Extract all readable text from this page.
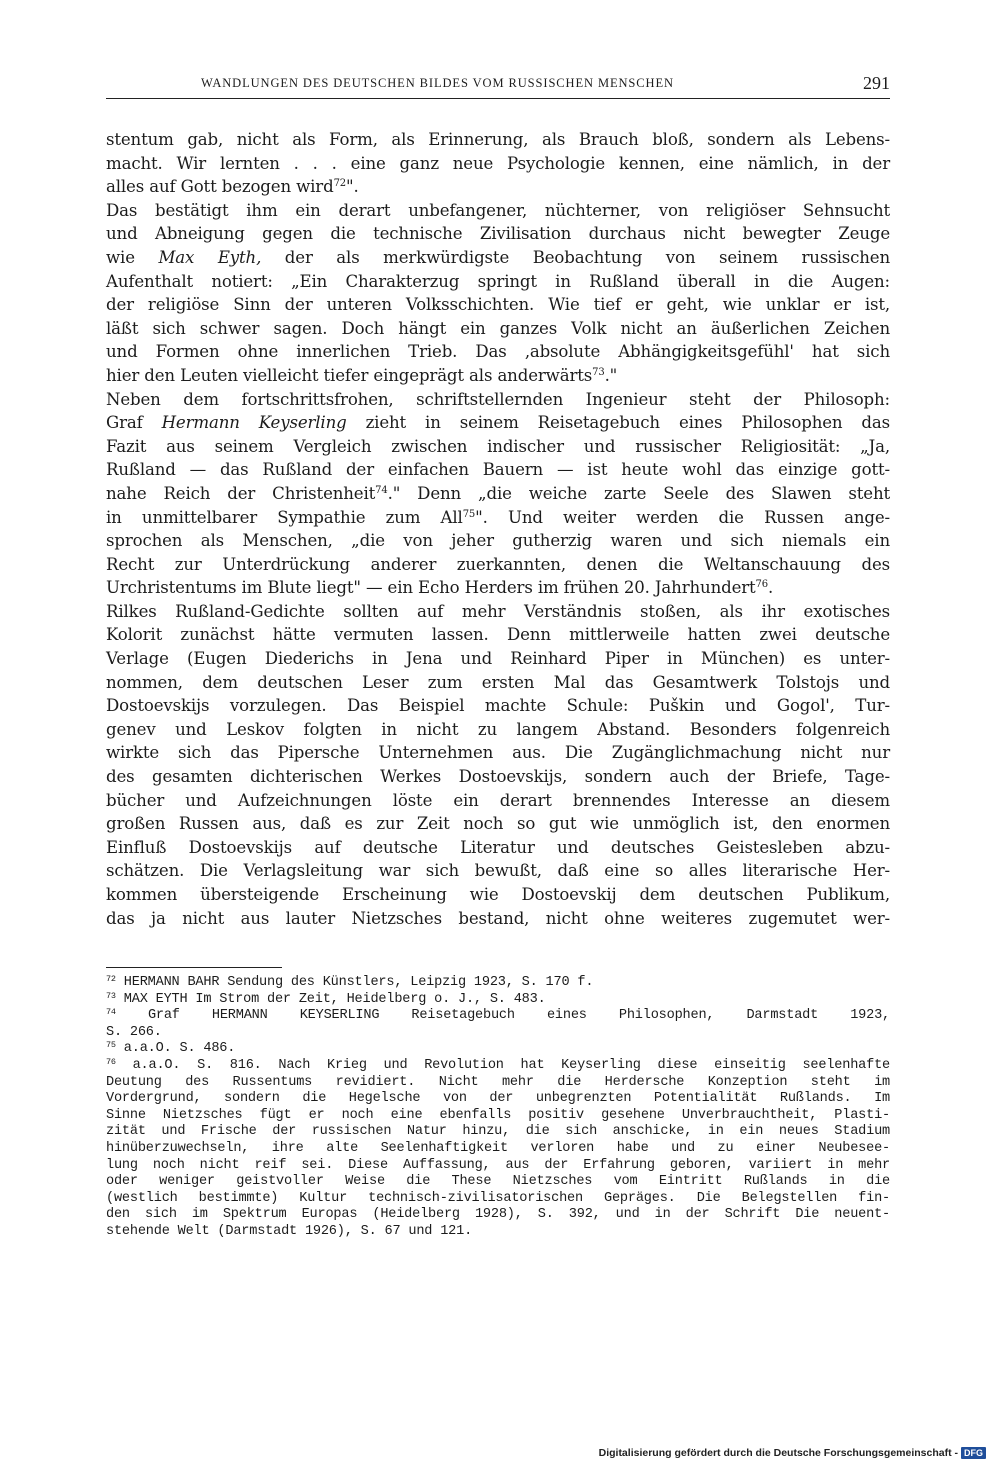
WANDLUNGEN DES DEUTSCHEN BILDES VOM RUSSISCHEN MENSCHEN	291
stentum gab, nicht als Form, als Erinnerung, als Brauch bloß, sondern als Lebens-
macht. Wir lernten . . . eine ganz neue Psychologie kennen, eine nämlich, in der
alles auf Gott bezogen wird$^{72}$".
Das bestätigt ihm ein derart unbefangener, nüchterner, von religiöser Sehnsucht
und Abneigung gegen die technische Zivilisation durchaus nicht bewegter Zeuge
wie Max Eyth, der als merkwürdigste Beobachtung von seinem russischen
Aufenthalt notiert: „Ein Charakterzug springt in Rußland überall in die Augen:
der religiöse Sinn der unteren Volksschichten. Wie tief er geht, wie unklar er ist,
läßt sich schwer sagen. Doch hängt ein ganzes Volk nicht an äußerlichen Zeichen
und Formen ohne innerlichen Trieb. Das ‚absolute Abhängigkeitsgefühl' hat sich
hier den Leuten vielleicht tiefer eingeprägt als anderwärts$^{73}$."
Neben dem fortschrittsfrohen, schriftstellernden Ingenieur steht der Philosoph:
Graf Hermann Keyserling zieht in seinem Reisetagebuch eines Philosophen das
Fazit aus seinem Vergleich zwischen indischer und russischer Religiosität: „Ja,
Rußland — das Rußland der einfachen Bauern — ist heute wohl das einzige gott-
nahe Reich der Christenheit$^{74}$." Denn „die weiche zarte Seele des Slawen steht
in unmittelbarer Sympathie zum All$^{75}$". Und weiter werden die Russen ange-
sprochen als Menschen, „die von jeher gutherzig waren und sich niemals ein
Recht zur Unterdrückung anderer zuerkannten, denen die Weltanschauung des
Urchristentums im Blute liegt" — ein Echo Herders im frühen 20. Jahrhundert$^{76}$.
Rilkes Rußland-Gedichte sollten auf mehr Verständnis stoßen, als ihr exotisches
Kolorit zunächst hätte vermuten lassen. Denn mittlerweile hatten zwei deutsche
Verlage (Eugen Diederichs in Jena und Reinhard Piper in München) es unter-
nommen, dem deutschen Leser zum ersten Mal das Gesamtwerk Tolstojs und
Dostoevskijs vorzulegen. Das Beispiel machte Schule: Puškin und Gogol', Tur-
genev und Leskov folgten in nicht zu langem Abstand. Besonders folgenreich
wirkte sich das Pipersche Unternehmen aus. Die Zugänglichmachung nicht nur
des gesamten dichterischen Werkes Dostoevskijs, sondern auch der Briefe, Tage-
bücher und Aufzeichnungen löste ein derart brennendes Interesse an diesem
großen Russen aus, daß es zur Zeit noch so gut wie unmöglich ist, den enormen
Einfluß Dostoevskijs auf deutsche Literatur und deutsches Geistesleben abzu-
schätzen. Die Verlagsleitung war sich bewußt, daß eine so alles literarische Her-
kommen übersteigende Erscheinung wie Dostoevskij dem deutschen Publikum,
das ja nicht aus lauter Nietzsches bestand, nicht ohne weiteres zugemutet wer-
$^{72}$ HERMANN BAHR Sendung des Künstlers, Leipzig 1923, S. 170 f.
$^{73}$ MAX EYTH Im Strom der Zeit, Heidelberg o. J., S. 483.
$^{74}$ Graf HERMANN KEYSERLING Reisetagebuch eines Philosophen, Darmstadt 1923,
S. 266.
$^{75}$ a.a.O. S. 486.
$^{76}$ a.a.O. S. 816. Nach Krieg und Revolution hat Keyserling diese einseitig seelenhafte
Deutung des Russentums revidiert. Nicht mehr die Herdersche Konzeption steht im
Vordergrund, sondern die Hegelsche von der unbegrenzten Potentialität Rußlands. Im
Sinne Nietzsches fügt er noch eine ebenfalls positiv gesehene Unverbrauchtheit, Plasti-
zität und Frische der russischen Natur hinzu, die sich anschicke, in ein neues Stadium
hinüberzuwechseln, ihre alte Seelenhaftigkeit verloren habe und zu einer Neubesee-
lung noch nicht reif sei. Diese Auffassung, aus der Erfahrung geboren, variiert in mehr
oder weniger geistvoller Weise die These Nietzsches vom Eintritt Rußlands in die
(westlich bestimmte) Kultur technisch-zivilisatorischen Gepräges. Die Belegstellen fin-
den sich im Spektrum Europas (Heidelberg 1928), S. 392, und in der Schrift Die neuent-
stehende Welt (Darmstadt 1926), S. 67 und 121.
Digitalisierung gefördert durch die Deutsche Forschungsgemeinschaft - DFG
